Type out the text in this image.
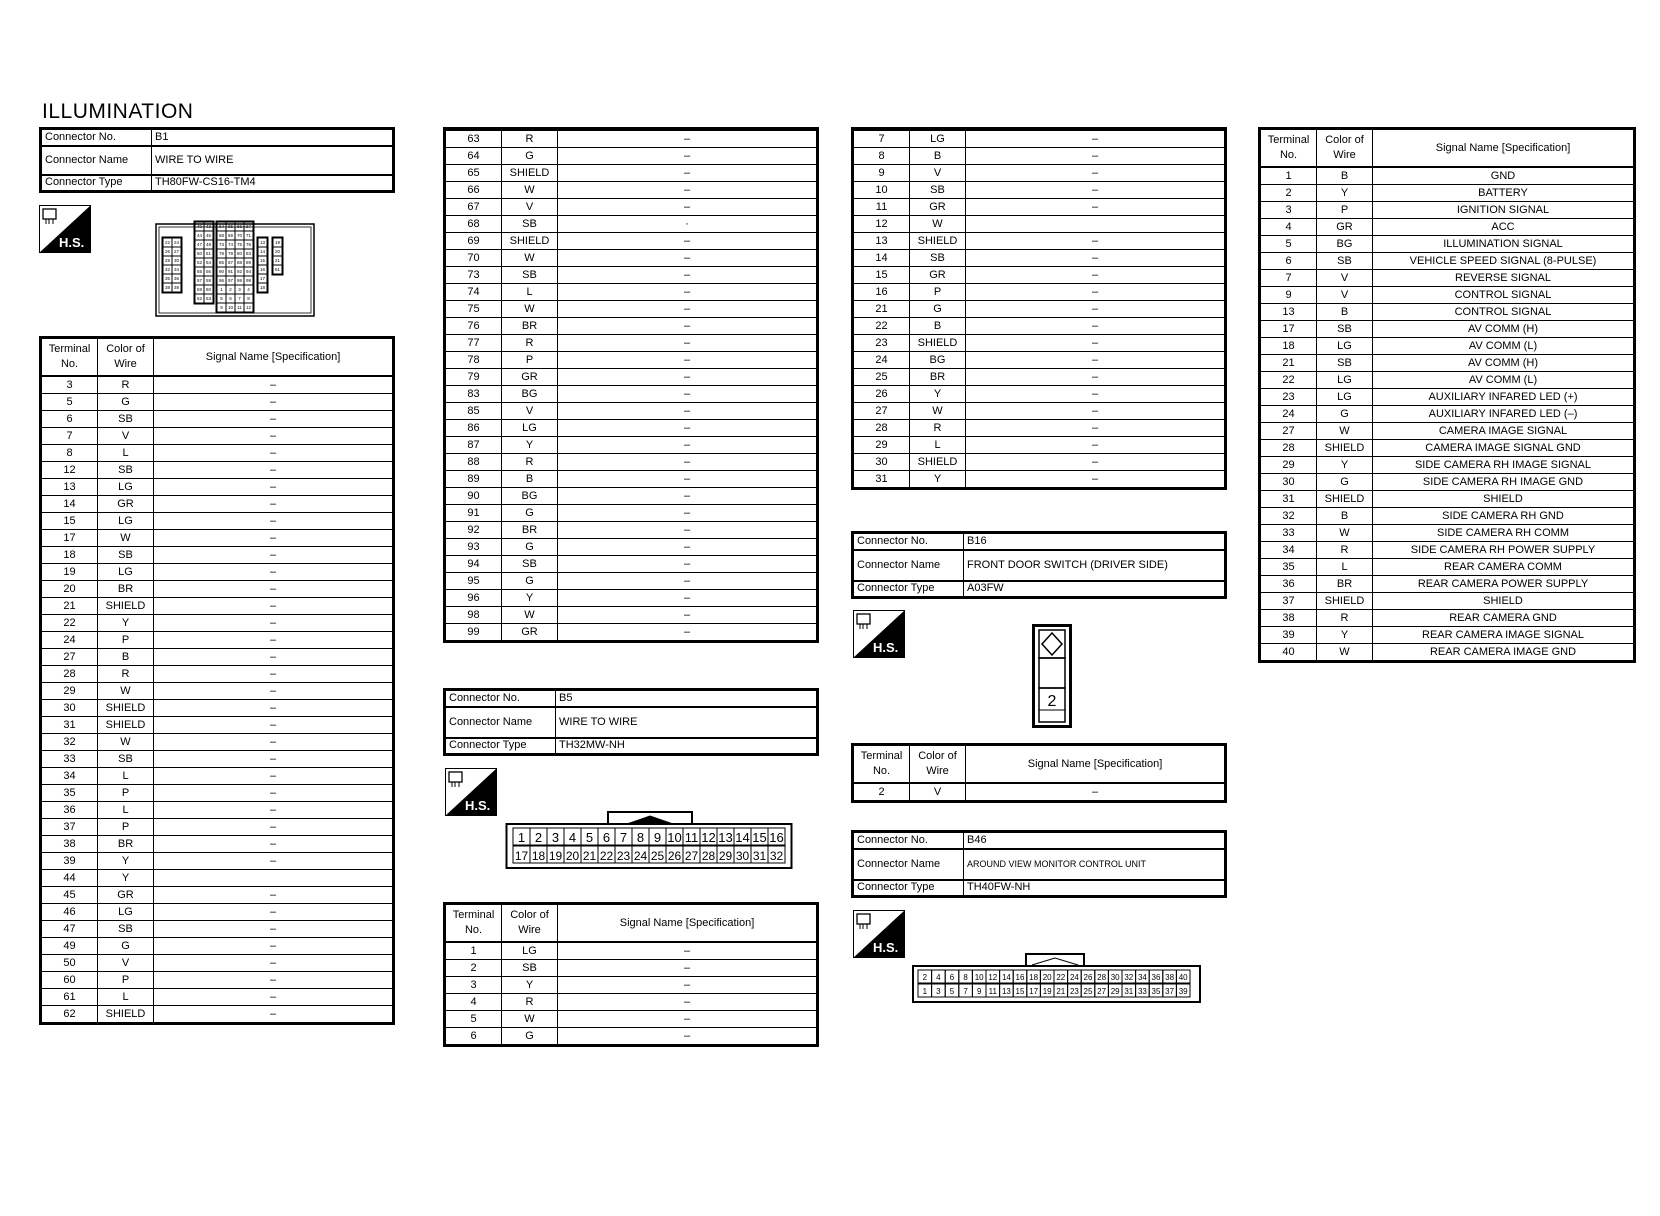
ILLUMINATION
Connector No.	B1
Connector Name	WIRE TO WIRE
Connector Type	TH80FW-CS16-TM4
H.S.	22 24
26 27
29 30
32 34
35 36
38 39
40 43
44 46
47 48
50 51
52 54
55 56
57 58
59 60
62 63
64 65 66 67
68 69 70 71
73 74 75 76
78 79 80 83
85 87 88 89
90 91 92 94
96 97 98 99
1 2 3 4
5 6 7 8
9 10 11 12
13
14
15
16
17
18
19
20
21
61
Terminal No.	Color of Wire	Signal Name [Specification]
3	R	–
5	G	–
6	SB	–
7	V	–
8	L	–
12	SB	–
13	LG	–
14	GR	–
15	LG	–
17	W	–
18	SB	–
19	LG	–
20	BR	–
21	SHIELD	–
22	Y	–
24	P	–
27	B	–
28	R	–
29	W	–
30	SHIELD	–
31	SHIELD	–
32	W	–
33	SB	–
34	L	–
35	P	–
36	L	–
37	P	–
38	BR	–
39	Y	–
44	Y	
45	GR	–
46	LG	–
47	SB	–
49	G	–
50	V	–
60	P	–
61	L	–
62	SHIELD	–
63	R	–
64	G	–
65	SHIELD	–
66	W	–
67	V	–
68	SB	·
69	SHIELD	–
70	W	–
73	SB	–
74	L	–
75	W	–
76	BR	–
77	R	–
78	P	–
79	GR	–
83	BG	–
85	V	–
86	LG	–
87	Y	–
88	R	–
89	B	–
90	BG	–
91	G	–
92	BR	–
93	G	–
94	SB	–
95	G	–
96	Y	–
98	W	–
99	GR	–
Connector No.	B5
Connector Name	WIRE TO WIRE
Connector Type	TH32MW-NH
H.S.
1 2 3 4 5 6 7 8 9 10 11 12 13 14 15 16
17 18 19 20 21 22 23 24 25 26 27 28 29 30 31 32
Terminal No.	Color of Wire	Signal Name [Specification]
1	LG	–
2	SB	–
3	Y	–
4	R	–
5	W	–
6	G	–
7	LG	–
8	B	–
9	V	–
10	SB	–
11	GR	–
12	W	
13	SHIELD	–
14	SB	–
15	GR	–
16	P	–
21	G	–
22	B	–
23	SHIELD	–
24	BG	–
25	BR	–
26	Y	–
27	W	–
28	R	–
29	L	–
30	SHIELD	–
31	Y	–
Connector No.	B16
Connector Name	FRONT DOOR SWITCH (DRIVER SIDE)
Connector Type	A03FW
H.S.
2
Terminal No.	Color of Wire	Signal Name [Specification]
2	V	–
Connector No.	B46
Connector Name	AROUND VIEW MONITOR CONTROL UNIT
Connector Type	TH40FW-NH
H.S.
2 4 6 8 10 12 14 16 18 20 22 24 26 28 30 32 34 36 38 40
1 3 5 7 9 11 13 15 17 19 21 23 25 27 29 31 33 35 37 39
Terminal No.	Color of Wire	Signal Name [Specification]
1	B	GND
2	Y	BATTERY
3	P	IGNITION SIGNAL
4	GR	ACC
5	BG	ILLUMINATION SIGNAL
6	SB	VEHICLE SPEED SIGNAL (8-PULSE)
7	V	REVERSE SIGNAL
9	V	CONTROL SIGNAL
13	B	CONTROL SIGNAL
17	SB	AV COMM (H)
18	LG	AV COMM (L)
21	SB	AV COMM (H)
22	LG	AV COMM (L)
23	LG	AUXILIARY INFARED LED (+)
24	G	AUXILIARY INFARED LED (–)
27	W	CAMERA IMAGE SIGNAL
28	SHIELD	CAMERA IMAGE SIGNAL GND
29	Y	SIDE CAMERA RH IMAGE SIGNAL
30	G	SIDE CAMERA RH IMAGE GND
31	SHIELD	SHIELD
32	B	SIDE CAMERA RH GND
33	W	SIDE CAMERA RH COMM
34	R	SIDE CAMERA RH POWER SUPPLY
35	L	REAR CAMERA COMM
36	BR	REAR CAMERA POWER SUPPLY
37	SHIELD	SHIELD
38	R	REAR CAMERA GND
39	Y	REAR CAMERA IMAGE SIGNAL
40	W	REAR CAMERA IMAGE GND
